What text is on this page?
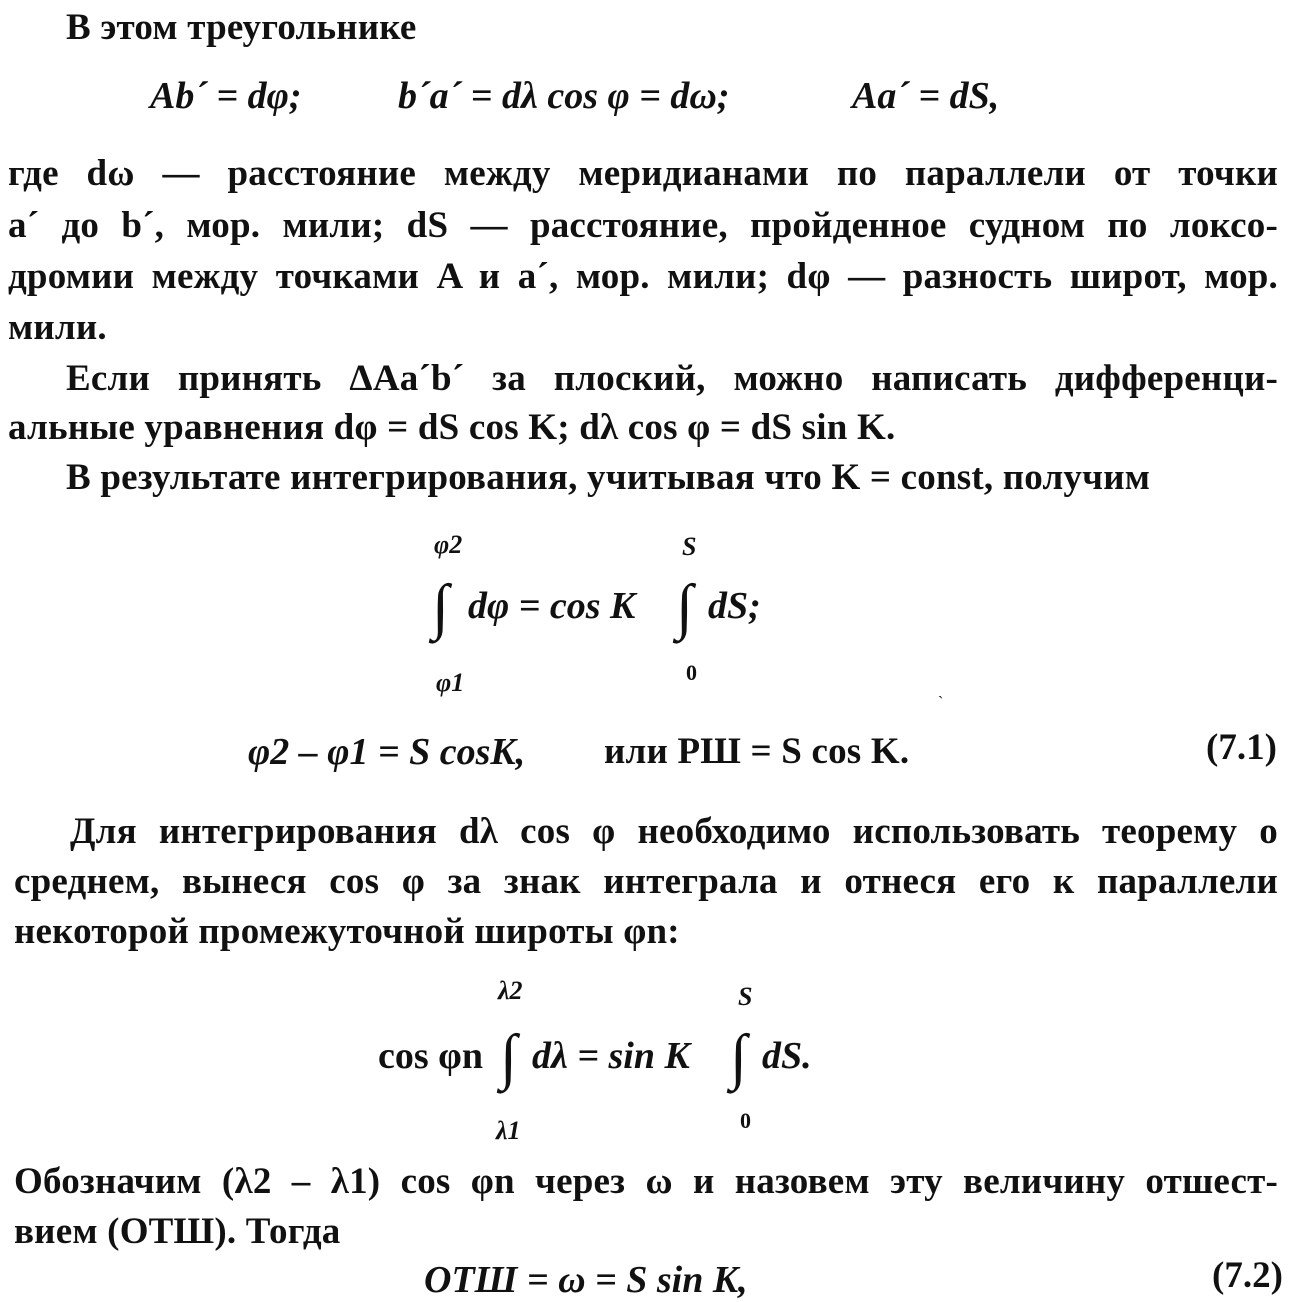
В этом треугольнике
Ab´ = dφ;	b´a´ = dλ cos φ = dω;	Aa´ = dS,
где dω — расстояние между меридианами по параллели от точки
a´ до b´, мор. мили; dS — расстояние, пройденное судном по локсо-
дромии между точками A и a´, мор. мили; dφ — разность широт, мор.
мили.
Если принять ΔAa´b´ за плоский, можно написать дифференци-
альные уравнения dφ = dS cos K; dλ cos φ = dS sin K.
В результате интегрирования, учитывая что K = const, получим
φ2
∫ dφ = cos K
φ1
S
∫ dS;
0
ˎ
φ2 – φ1 = S cosK, или РШ = S cos K.	(7.1)
Для интегрирования dλ cos φ необходимо использовать теорему о
среднем, вынеся cos φ за знак интеграла и отнеся его к параллели
некоторой промежуточной широты φn:
cos φn
λ2
∫ dλ = sin K
λ1
S
∫ dS.
0
Обозначим (λ2 – λ1) cos φn через ω и назовем эту величину отшест-
вием (ОТШ). Тогда
ОТШ = ω = S sin K,	(7.2)
